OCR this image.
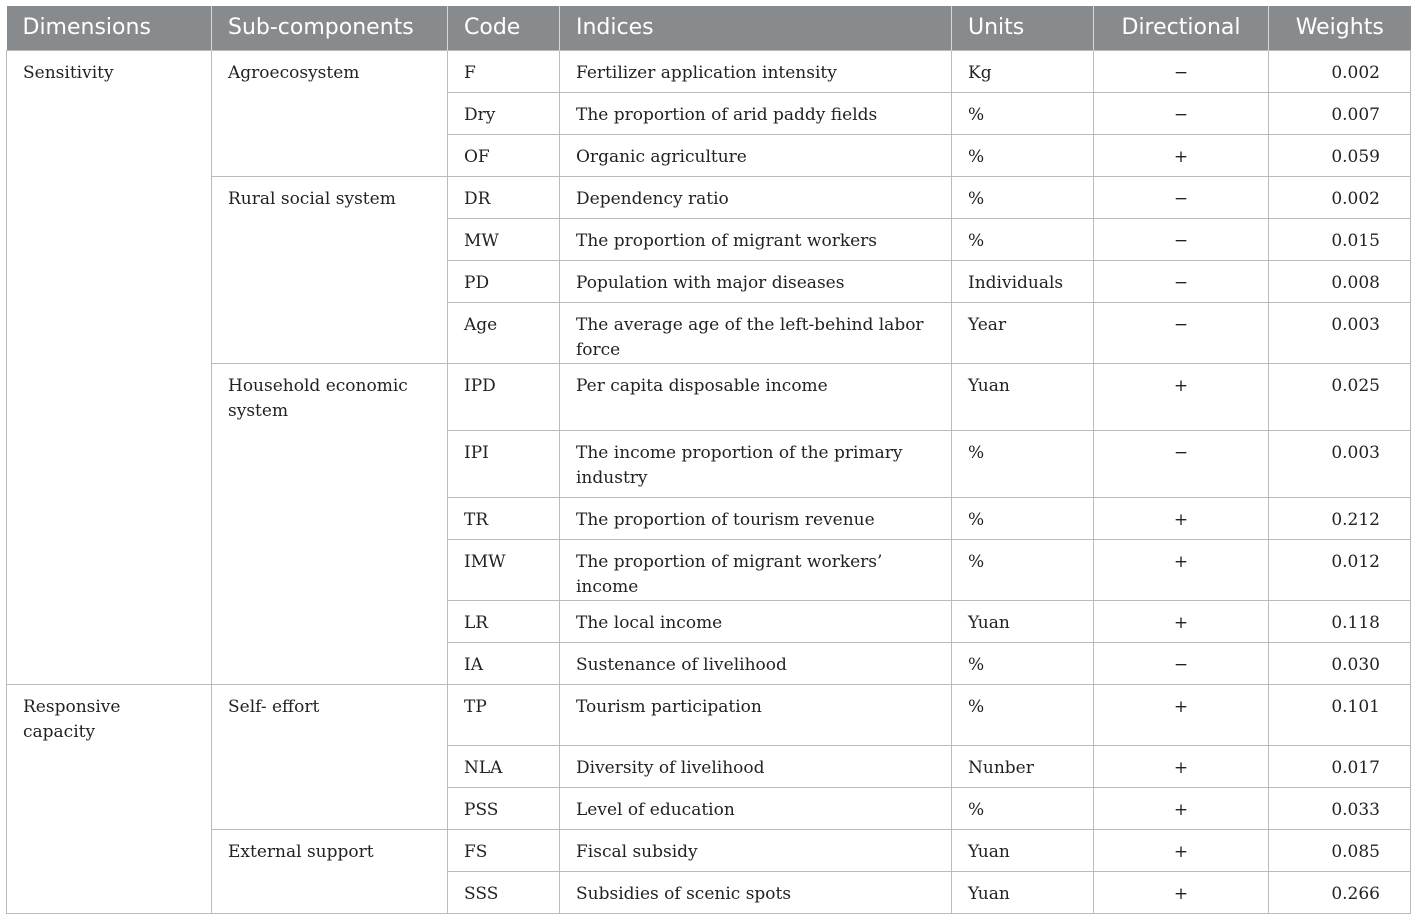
Dimensions	Sub-components	Code	Indices	Units	Directional	Weights
Sensitivity	Agroecosystem	F	Fertilizer application intensity	Kg	−	0.002
		Dry	The proportion of arid paddy fields	%	−	0.007
		OF	Organic agriculture	%	+	0.059
	Rural social system	DR	Dependency ratio	%	−	0.002
		MW	The proportion of migrant workers	%	−	0.015
		PD	Population with major diseases	Individuals	−	0.008
		Age	The average age of the left-behind labor force	Year	−	0.003
	Household economic system	IPD	Per capita disposable income	Yuan	+	0.025
		IPI	The income proportion of the primary industry	%	−	0.003
		TR	The proportion of tourism revenue	%	+	0.212
		IMW	The proportion of migrant workers’ income	%	+	0.012
		LR	The local income	Yuan	+	0.118
		IA	Sustenance of livelihood	%	−	0.030
Responsive capacity	Self- effort	TP	Tourism participation	%	+	0.101
		NLA	Diversity of livelihood	Nunber	+	0.017
		PSS	Level of education	%	+	0.033
	External support	FS	Fiscal subsidy	Yuan	+	0.085
		SSS	Subsidies of scenic spots	Yuan	+	0.266
